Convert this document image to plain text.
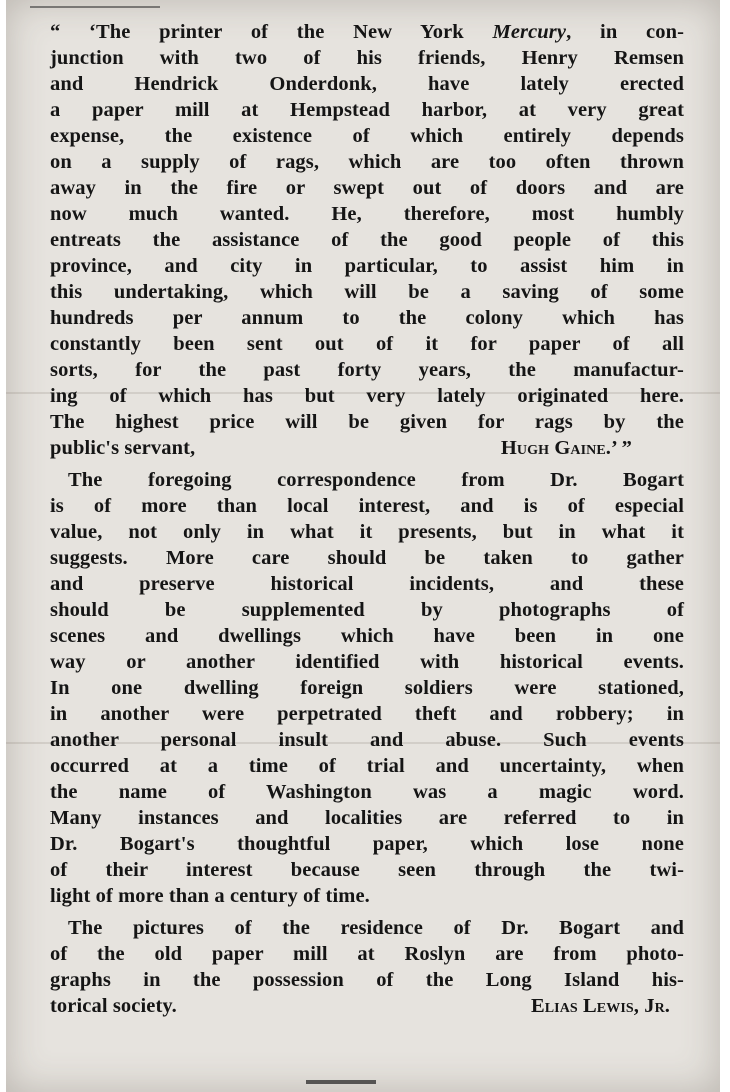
“ ‘The printer of the New York Mercury, in con-
junction with two of his friends, Henry Remsen
and Hendrick Onderdonk, have lately erected
a paper mill at Hempstead harbor, at very great
expense, the existence of which entirely depends
on a supply of rags, which are too often thrown
away in the fire or swept out of doors and are
now much wanted. He, therefore, most humbly
entreats the assistance of the good people of this
province, and city in particular, to assist him in
this undertaking, which will be a saving of some
hundreds per annum to the colony which has
constantly been sent out of it for paper of all
sorts, for the past forty years, the manufactur-
ing of which has but very lately originated here.
The highest price will be given for rags by the
public's servant,	Hugh Gaine.’ ”
The foregoing correspondence from Dr. Bogart
is of more than local interest, and is of especial
value, not only in what it presents, but in what it
suggests. More care should be taken to gather
and preserve historical incidents, and these
should be supplemented by photographs of
scenes and dwellings which have been in one
way or another identified with historical events.
In one dwelling foreign soldiers were stationed,
in another were perpetrated theft and robbery; in
another personal insult and abuse. Such events
occurred at a time of trial and uncertainty, when
the name of Washington was a magic word.
Many instances and localities are referred to in
Dr. Bogart's thoughtful paper, which lose none
of their interest because seen through the twi-
light of more than a century of time.
The pictures of the residence of Dr. Bogart and
of the old paper mill at Roslyn are from photo-
graphs in the possession of the Long Island his-
torical society.	Elias Lewis, Jr.
